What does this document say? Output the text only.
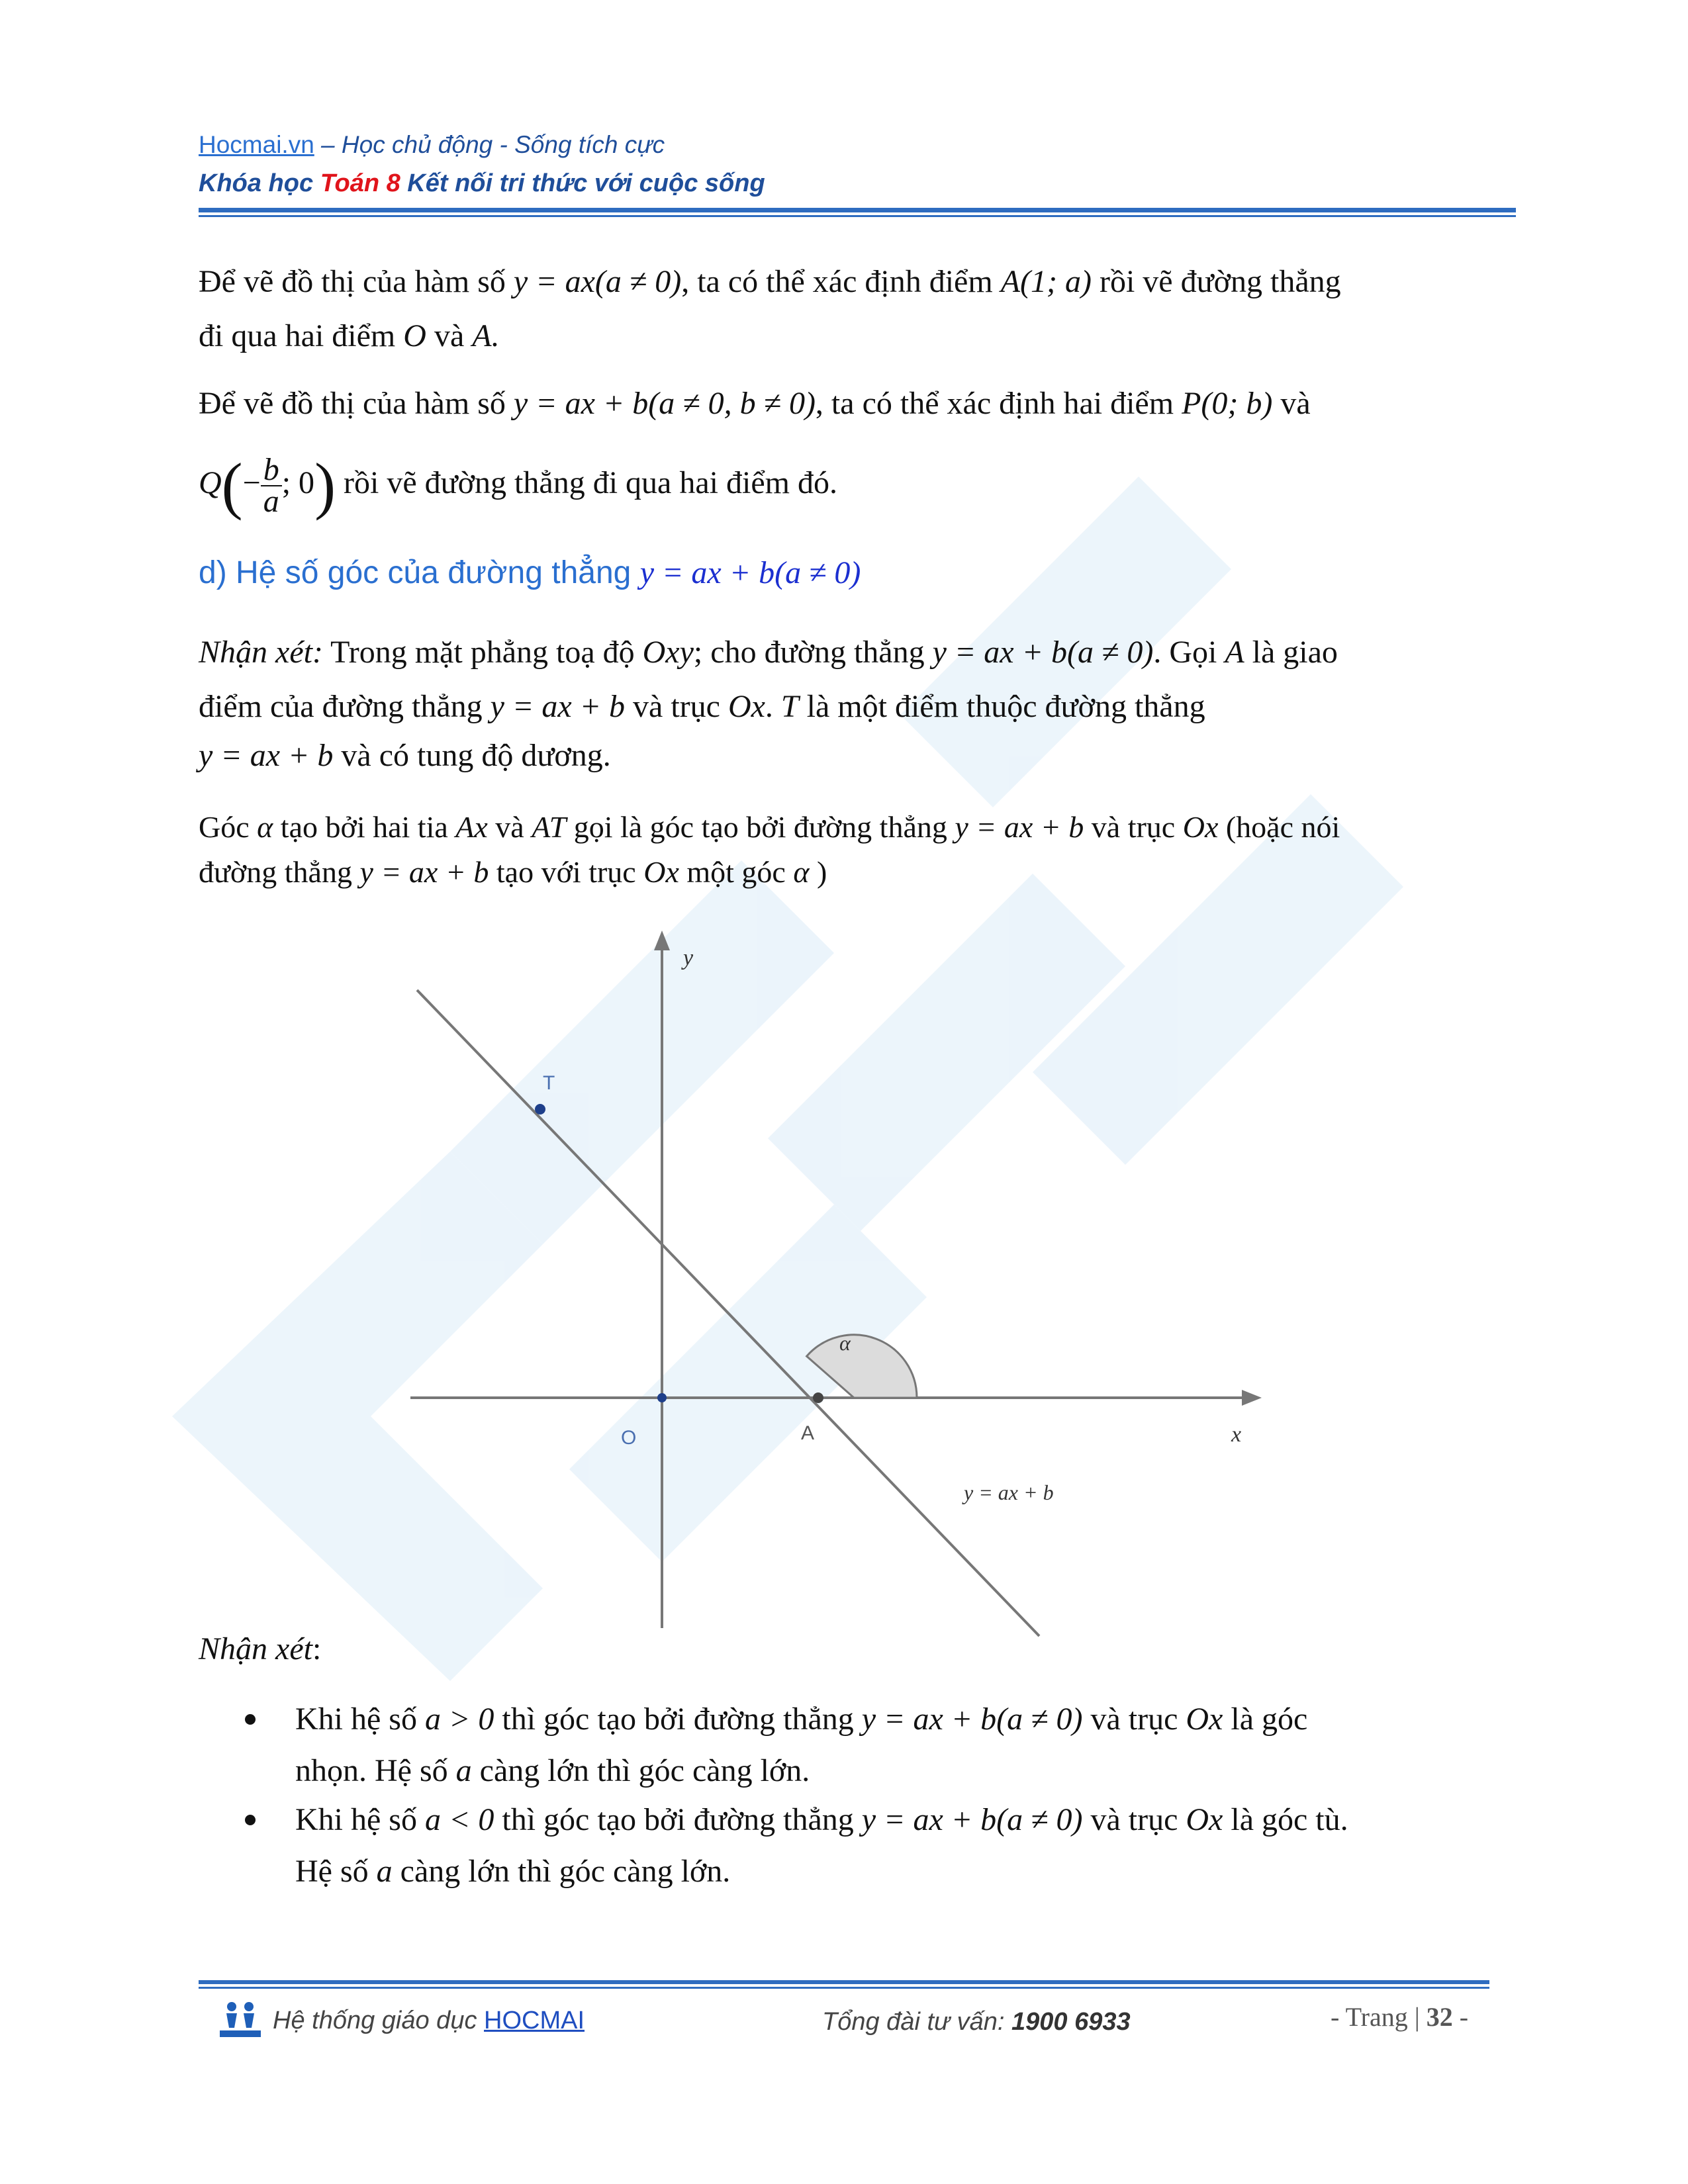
Hocmai.vn – Học chủ động - Sống tích cực
Khóa học Toán 8 Kết nối tri thức với cuộc sống
Để vẽ đồ thị của hàm số y = ax(a ≠ 0), ta có thể xác định điểm A(1; a) rồi vẽ đường thẳng
đi qua hai điểm O và A.
Để vẽ đồ thị của hàm số y = ax + b(a ≠ 0, b ≠ 0), ta có thể xác định hai điểm P(0; b) và
$Q(- \frac{b}{a}$ ; 0) rồi vẽ đường thẳng đi qua hai điểm đó.
d) Hệ số góc của đường thẳng y = ax + b(a ≠ 0)
Nhận xét: Trong mặt phẳng toạ độ Oxy; cho đường thẳng y = ax + b(a ≠ 0). Gọi A là giao
điểm của đường thẳng y = ax + b và trục Ox. T là một điểm thuộc đường thẳng
y = ax + b và có tung độ dương.
Góc α tạo bởi hai tia Ax và AT gọi là góc tạo bởi đường thẳng y = ax + b và trục Ox (hoặc nói
đường thẳng y = ax + b tạo với trục Ox một góc α )
y
x
O	A
T
α
y = ax + b
Nhận xét:
Khi hệ số a > 0 thì góc tạo bởi đường thẳng y = ax + b(a ≠ 0) và trục Ox là góc
nhọn. Hệ số a càng lớn thì góc càng lớn.
Khi hệ số a < 0 thì góc tạo bởi đường thẳng y = ax + b(a ≠ 0) và trục Ox là góc tù.
Hệ số a càng lớn thì góc càng lớn.
Hệ thống giáo dục HOCMAI	Tổng đài tư vấn: 1900 6933	- Trang | 32 -
